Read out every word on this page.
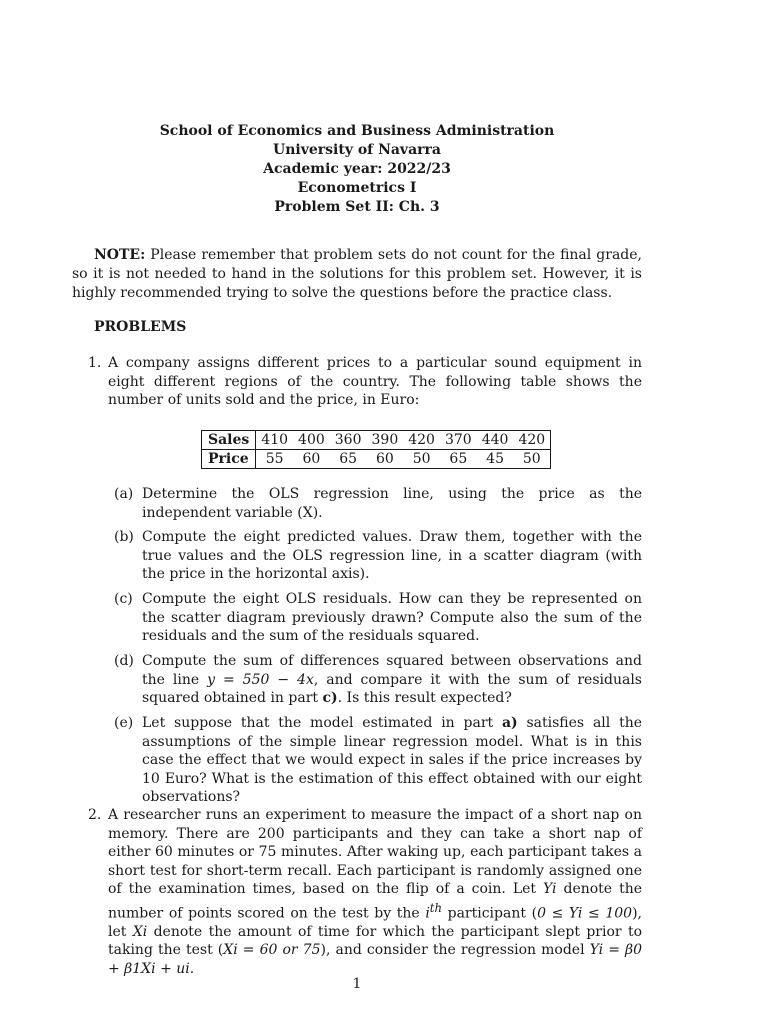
School of Economics and Business Administration
University of Navarra
Academic year: 2022/23
Econometrics I
Problem Set II: Ch. 3
NOTE: Please remember that problem sets do not count for the final grade, so it is not needed to hand in the solutions for this problem set. However, it is highly recommended trying to solve the questions before the practice class.
PROBLEMS
1. A company assigns different prices to a particular sound equipment in eight different regions of the country. The following table shows the number of units sold and the price, in Euro:
Sales	410	400	360	390	420	370	440	420
Price	55	60	65	60	50	65	45	50
(a) Determine the OLS regression line, using the price as the independent variable (X).
(b) Compute the eight predicted values. Draw them, together with the true values and the OLS regression line, in a scatter diagram (with the price in the horizontal axis).
(c) Compute the eight OLS residuals. How can they be represented on the scatter diagram previously drawn? Compute also the sum of the residuals and the sum of the residuals squared.
(d) Compute the sum of differences squared between observations and the line y = 550 − 4x, and compare it with the sum of residuals squared obtained in part c). Is this result expected?
(e) Let suppose that the model estimated in part a) satisfies all the assumptions of the simple linear regression model. What is in this case the effect that we would expect in sales if the price increases by 10 Euro? What is the estimation of this effect obtained with our eight observations?
2. A researcher runs an experiment to measure the impact of a short nap on memory. There are 200 participants and they can take a short nap of either 60 minutes or 75 minutes. After waking up, each participant takes a short test for short-term recall. Each participant is randomly assigned one of the examination times, based on the flip of a coin. Let Yi denote the number of points scored on the test by the $i^{th}$ participant (0 ≤ Yi ≤ 100), let Xi denote the amount of time for which the participant slept prior to taking the test (Xi = 60 or 75), and consider the regression model Yi = β0 + β1Xi + ui.
1
